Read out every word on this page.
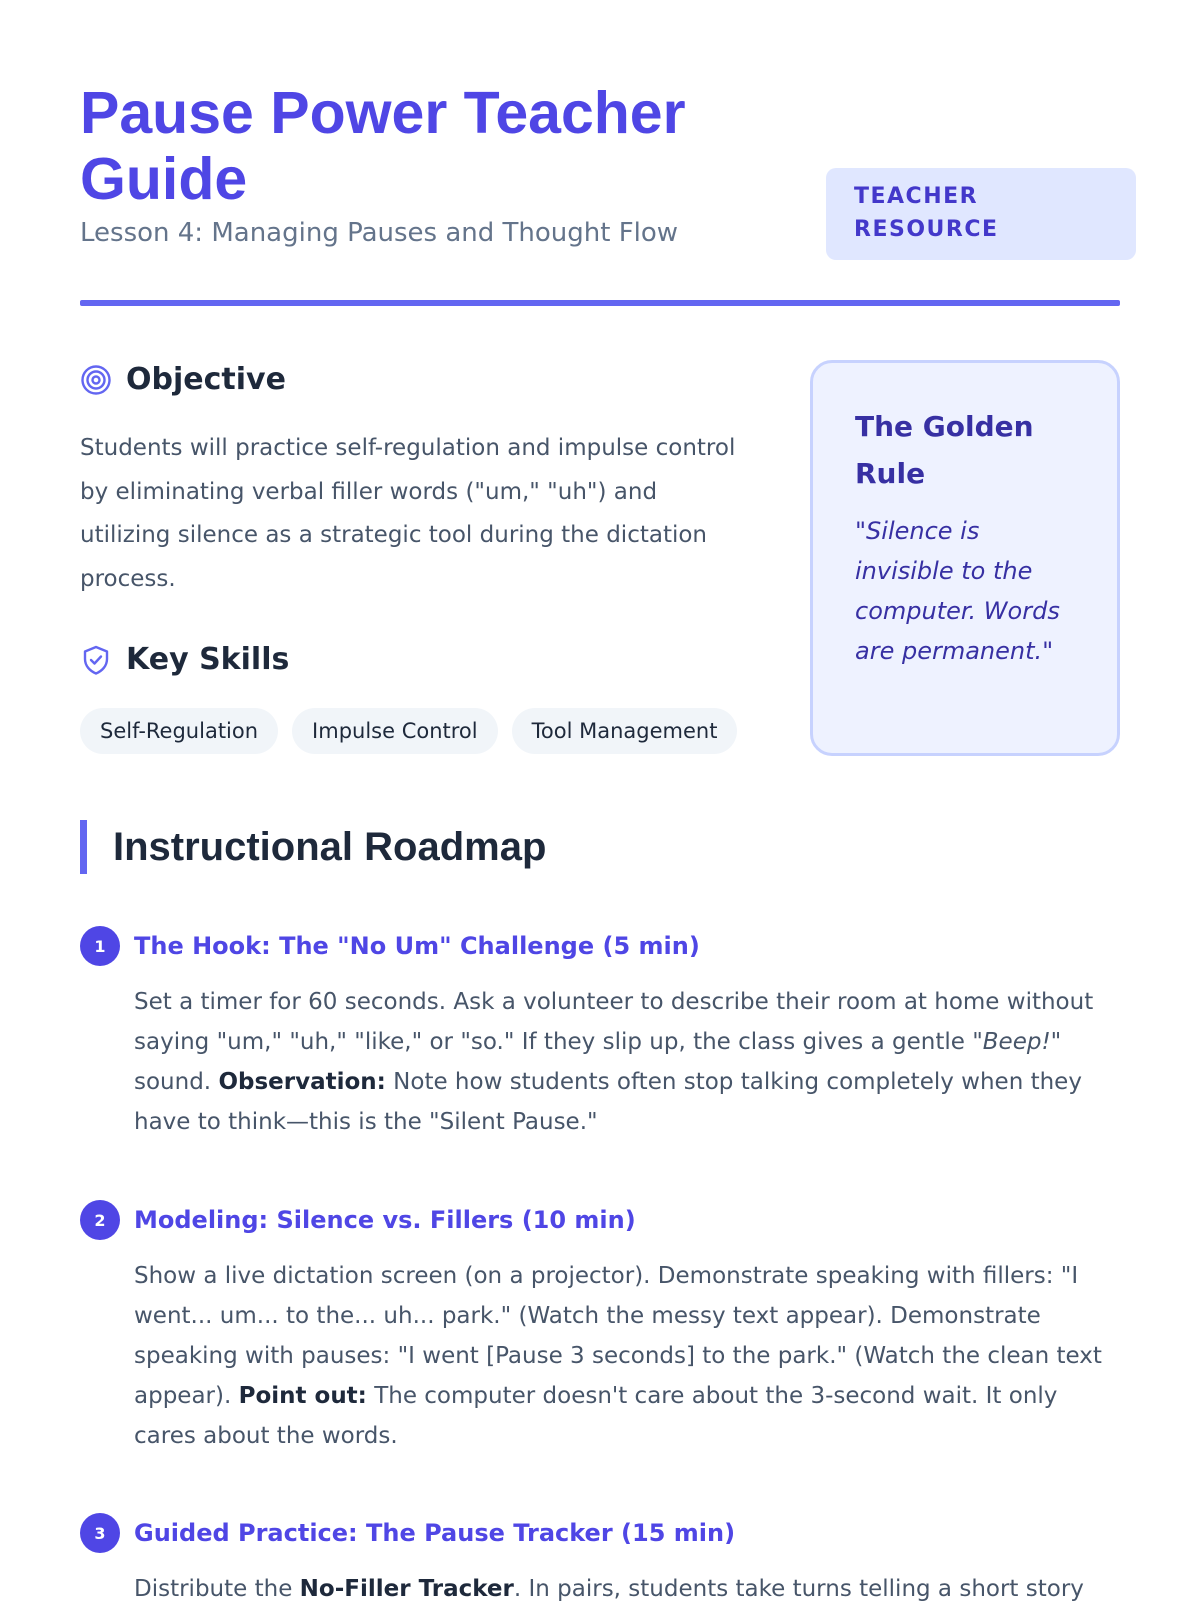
Pause Power Teacher Guide
Lesson 4: Managing Pauses and Thought Flow
TEACHER
RESOURCE
Objective
Students will practice self-regulation and impulse control by eliminating verbal filler words ("um," "uh") and utilizing silence as a strategic tool during the dictation process.
Key Skills
Self-Regulation	Impulse Control	Tool Management
The Golden Rule
"Silence is invisible to the computer. Words are permanent."
Instructional Roadmap
1	The Hook: The "No Um" Challenge (5 min)
Set a timer for 60 seconds. Ask a volunteer to describe their room at home without saying "um," "uh," "like," or "so." If they slip up, the class gives a gentle "Beep!" sound. Observation: Note how students often stop talking completely when they have to think—this is the "Silent Pause."
2	Modeling: Silence vs. Fillers (10 min)
Show a live dictation screen (on a projector). Demonstrate speaking with fillers: "I went... um... to the... uh... park." (Watch the messy text appear). Demonstrate speaking with pauses: "I went [Pause 3 seconds] to the park." (Watch the clean text appear). Point out: The computer doesn't care about the 3-second wait. It only cares about the words.
3	Guided Practice: The Pause Tracker (15 min)
Distribute the No-Filler Tracker. In pairs, students take turns telling a short story
